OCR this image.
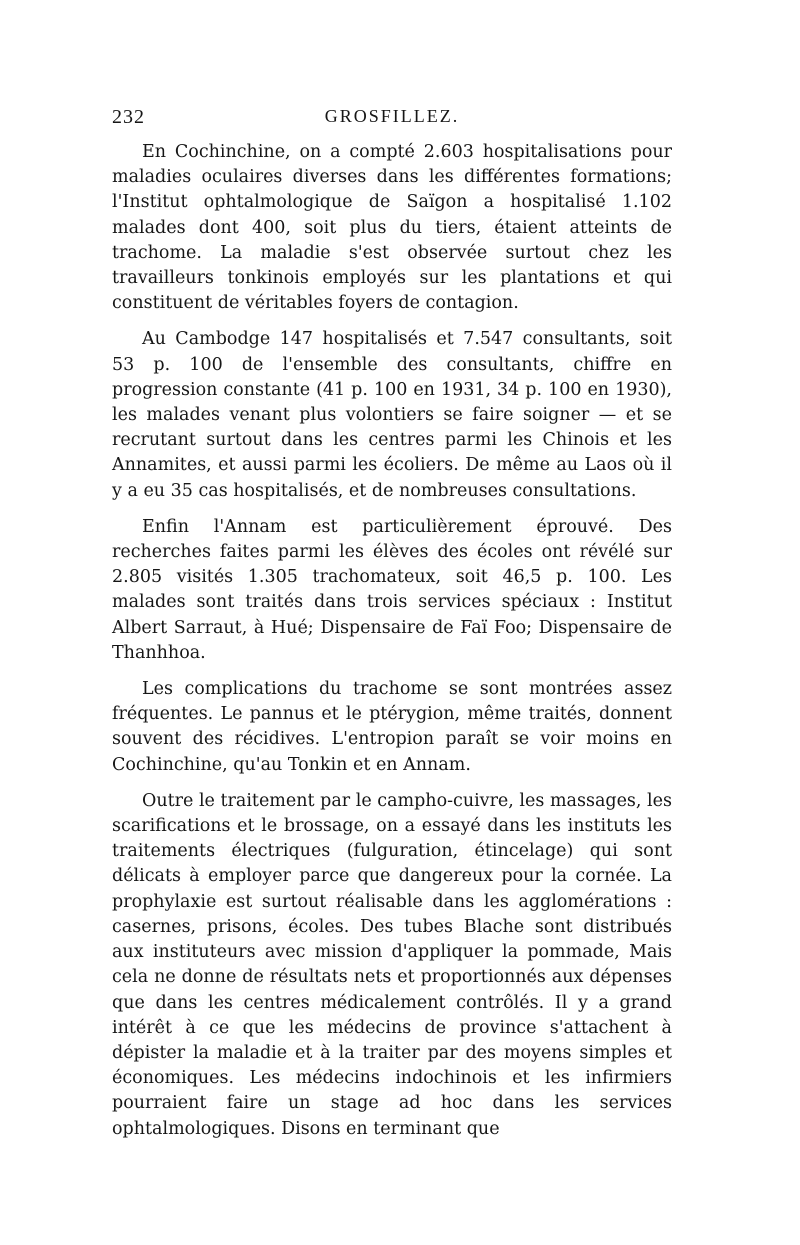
232	GROSFILLEZ.

En Cochinchine, on a compté 2.603 hospitalisations pour maladies oculaires diverses dans les différentes formations; l'Institut ophtalmologique de Saïgon a hospitalisé 1.102 malades dont 400, soit plus du tiers, étaient atteints de trachome. La maladie s'est observée surtout chez les travailleurs tonkinois employés sur les plantations et qui constituent de véritables foyers de contagion.

Au Cambodge 147 hospitalisés et 7.547 consultants, soit 53 p. 100 de l'ensemble des consultants, chiffre en progression constante (41 p. 100 en 1931, 34 p. 100 en 1930), les malades venant plus volontiers se faire soigner — et se recrutant surtout dans les centres parmi les Chinois et les Annamites, et aussi parmi les écoliers. De même au Laos où il y a eu 35 cas hospitalisés, et de nombreuses consultations.

Enfin l'Annam est particulièrement éprouvé. Des recherches faites parmi les élèves des écoles ont révélé sur 2.805 visités 1.305 trachomateux, soit 46,5 p. 100. Les malades sont traités dans trois services spéciaux : Institut Albert Sarraut, à Hué; Dispensaire de Faï Foo; Dispensaire de Thanhhoa.

Les complications du trachome se sont montrées assez fréquentes. Le pannus et le ptérygion, même traités, donnent souvent des récidives. L'entropion paraît se voir moins en Cochinchine, qu'au Tonkin et en Annam.

Outre le traitement par le campho-cuivre, les massages, les scarifications et le brossage, on a essayé dans les instituts les traitements électriques (fulguration, étincelage) qui sont délicats à employer parce que dangereux pour la cornée. La prophylaxie est surtout réalisable dans les agglomérations : casernes, prisons, écoles. Des tubes Blache sont distribués aux instituteurs avec mission d'appliquer la pommade, Mais cela ne donne de résultats nets et proportionnés aux dépenses que dans les centres médicalement contrôlés. Il y a grand intérêt à ce que les médecins de province s'attachent à dépister la maladie et à la traiter par des moyens simples et économiques. Les médecins indochinois et les infirmiers pourraient faire un stage ad hoc dans les services ophtalmologiques. Disons en terminant que
